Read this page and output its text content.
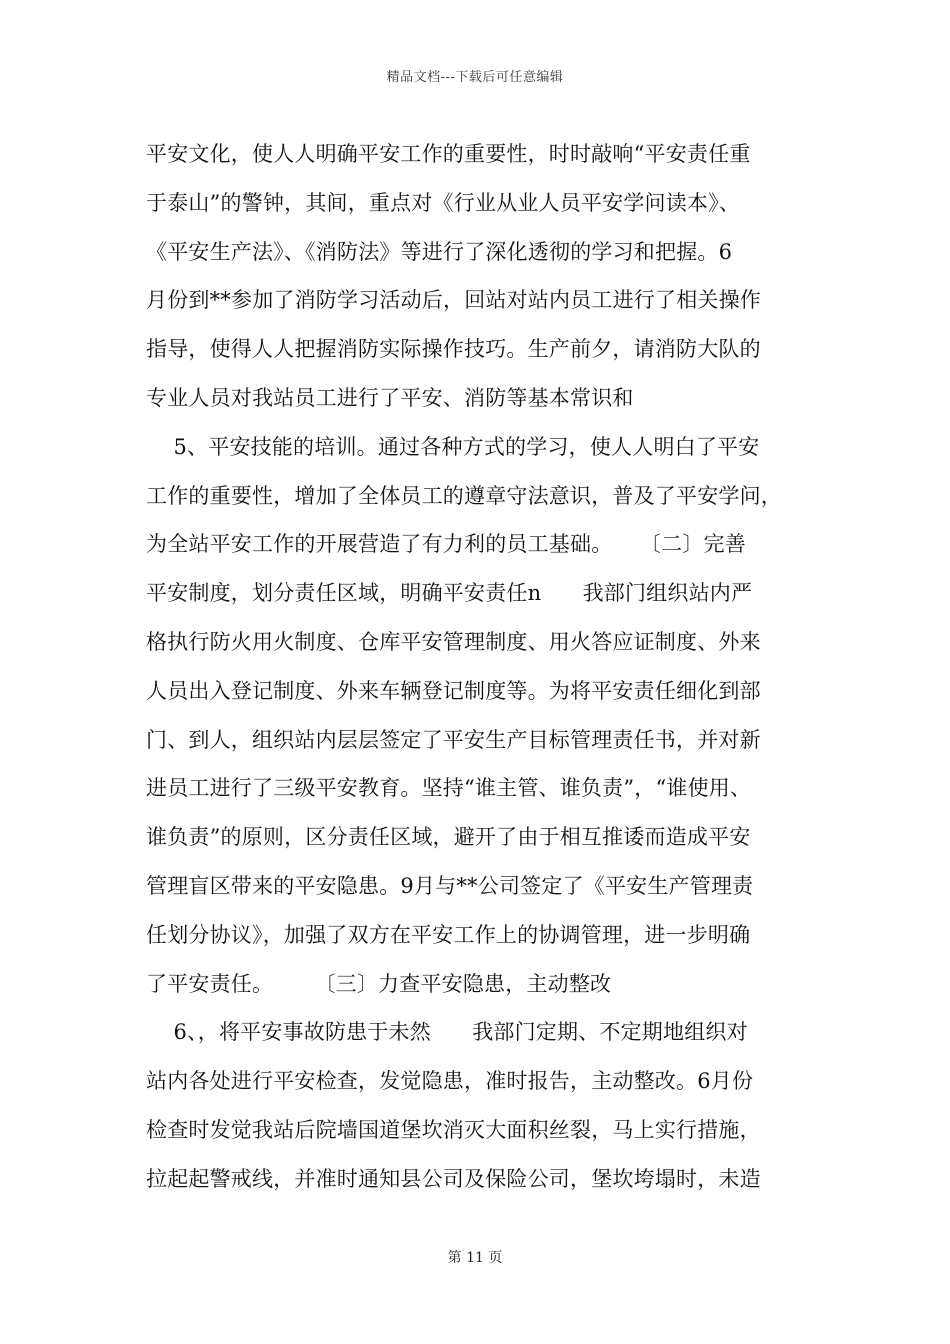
精品文档---下载后可任意编辑
平安文化，使人人明确平安工作的重要性，时时敲响“平安责任重
于泰山”的警钟，其间，重点对《行业从业人员平安学问读本》、
《平安生产法》、《消防法》等进行了深化透彻的学习和把握。6
月份到**参加了消防学习活动后，回站对站内员工进行了相关操作
指导，使得人人把握消防实际操作技巧。生产前夕，请消防大队的
专业人员对我站员工进行了平安、消防等基本常识和
5、平安技能的培训。通过各种方式的学习，使人人明白了平安
工作的重要性，增加了全体员工的遵章守法意识，普及了平安学问，
为全站平安工作的开展营造了有力利的员工基础。    〔二〕完善
平安制度，划分责任区域，明确平安责任n      我部门组织站内严
格执行防火用火制度、仓库平安管理制度、用火答应证制度、外来
人员出入登记制度、外来车辆登记制度等。为将平安责任细化到部
门、到人，组织站内层层签定了平安生产目标管理责任书，并对新
进员工进行了三级平安教育。坚持“谁主管、谁负责”，“谁使用、
谁负责”的原则，区分责任区域，避开了由于相互推诿而造成平安
管理盲区带来的平安隐患。9月与**公司签定了《平安生产管理责
任划分协议》，加强了双方在平安工作上的协调管理，进一步明确
了平安责任。      〔三〕力查平安隐患，主动整改
6、，将平安事故防患于未然      我部门定期、不定期地组织对
站内各处进行平安检查，发觉隐患，准时报告，主动整改。6月份
检查时发觉我站后院墙国道堡坎消灭大面积丝裂，马上实行措施，
拉起起警戒线，并准时通知县公司及保险公司，堡坎垮塌时，未造
第 11 页
